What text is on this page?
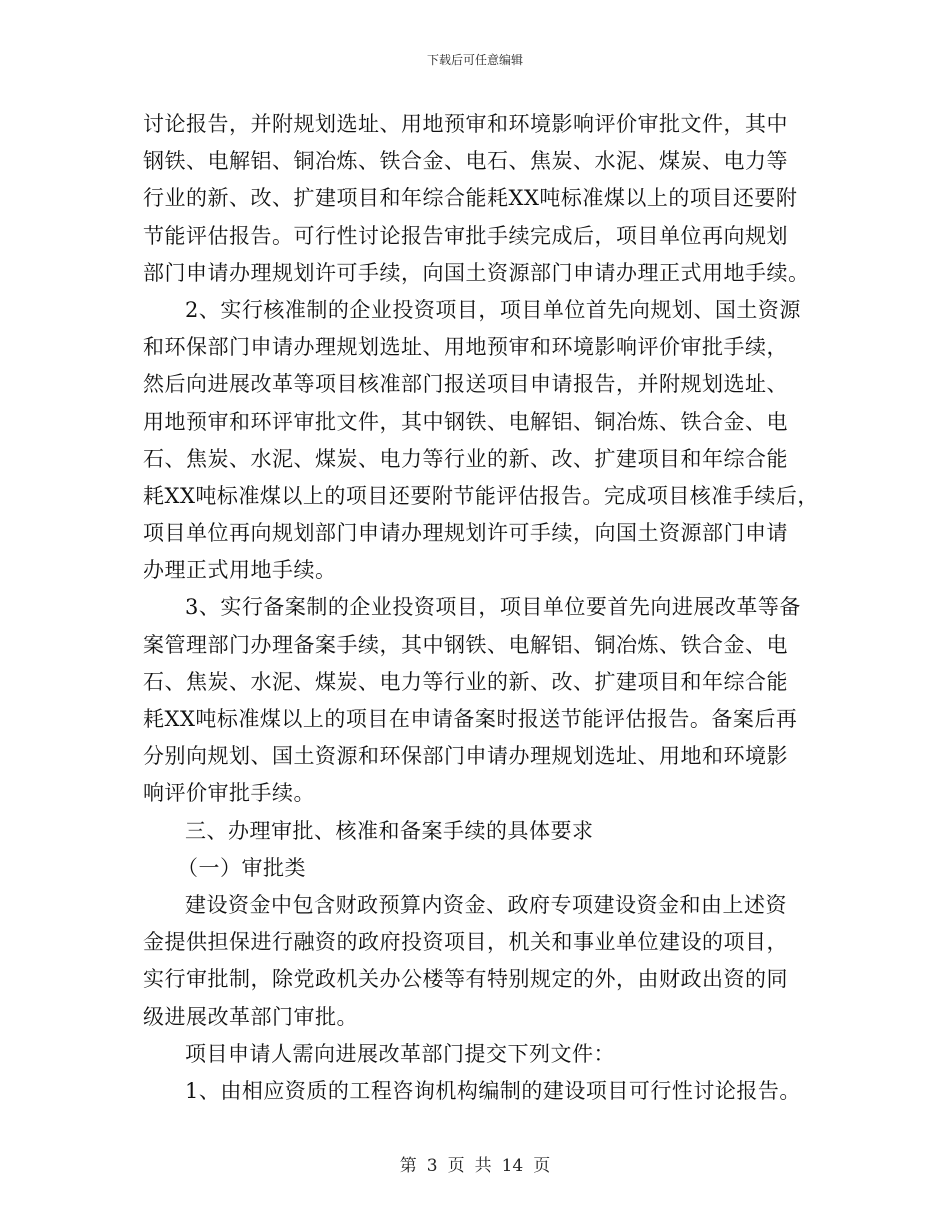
下载后可任意编辑
讨论报告，并附规划选址、用地预审和环境影响评价审批文件，其中
钢铁、电解铝、铜冶炼、铁合金、电石、焦炭、水泥、煤炭、电力等
行业的新、改、扩建项目和年综合能耗XX吨标准煤以上的项目还要附
节能评估报告。可行性讨论报告审批手续完成后，项目单位再向规划
部门申请办理规划许可手续，向国土资源部门申请办理正式用地手续。
2、实行核准制的企业投资项目，项目单位首先向规划、国土资源
和环保部门申请办理规划选址、用地预审和环境影响评价审批手续，
然后向进展改革等项目核准部门报送项目申请报告，并附规划选址、
用地预审和环评审批文件，其中钢铁、电解铝、铜冶炼、铁合金、电
石、焦炭、水泥、煤炭、电力等行业的新、改、扩建项目和年综合能
耗XX吨标准煤以上的项目还要附节能评估报告。完成项目核准手续后，
项目单位再向规划部门申请办理规划许可手续，向国土资源部门申请
办理正式用地手续。
3、实行备案制的企业投资项目，项目单位要首先向进展改革等备
案管理部门办理备案手续，其中钢铁、电解铝、铜冶炼、铁合金、电
石、焦炭、水泥、煤炭、电力等行业的新、改、扩建项目和年综合能
耗XX吨标准煤以上的项目在申请备案时报送节能评估报告。备案后再
分别向规划、国土资源和环保部门申请办理规划选址、用地和环境影
响评价审批手续。
三、办理审批、核准和备案手续的具体要求
（一）审批类
建设资金中包含财政预算内资金、政府专项建设资金和由上述资
金提供担保进行融资的政府投资项目，机关和事业单位建设的项目，
实行审批制，除党政机关办公楼等有特别规定的外，由财政出资的同
级进展改革部门审批。
项目申请人需向进展改革部门提交下列文件：
1、由相应资质的工程咨询机构编制的建设项目可行性讨论报告。
第 3 页 共 14 页
